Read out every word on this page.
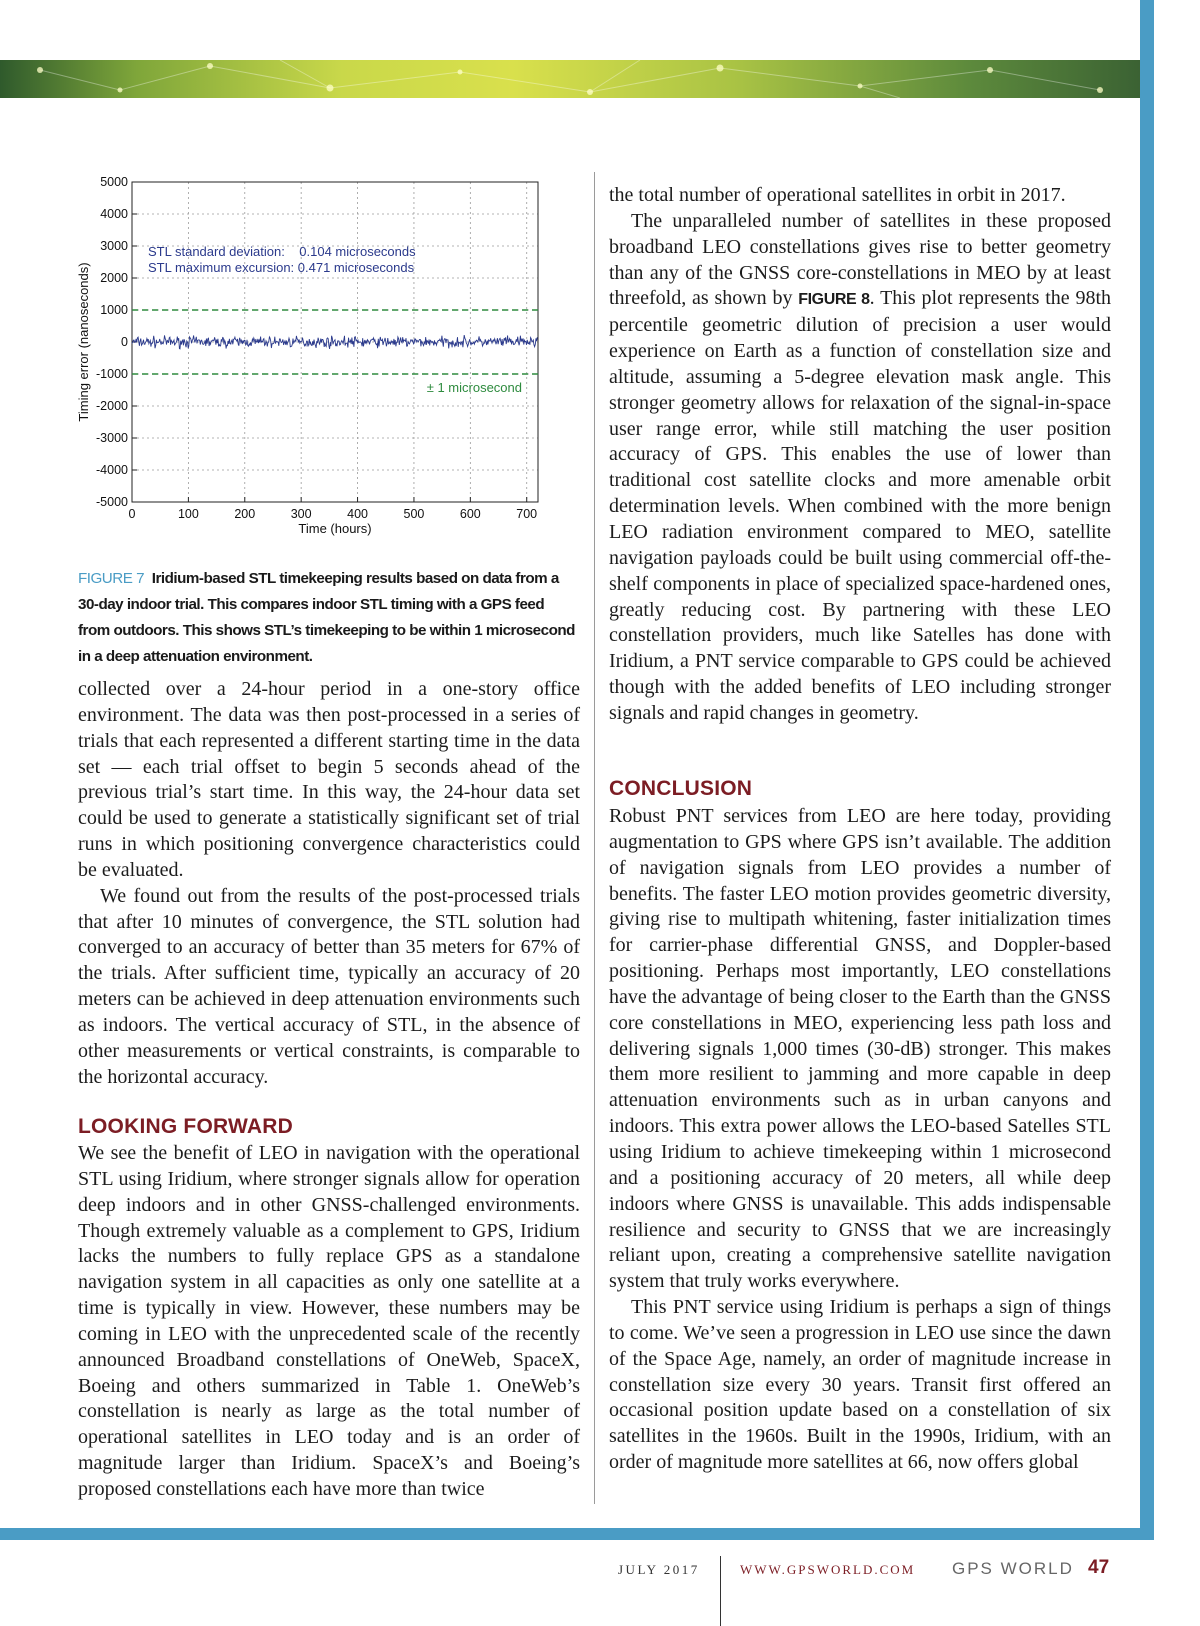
5000
4000
3000
2000
1000
0
-1000
-2000
-3000
-4000
-5000
0	100	200	300	400	500	600	700
Time (hours)
Timing error (nanoseconds)
STL standard deviation:    0.104 microseconds
STL maximum excursion: 0.471 microseconds
± 1 microsecond
FIGURE 7 Iridium-based STL timekeeping results based on data from a 30-day indoor trial. This compares indoor STL timing with a GPS feed from outdoors. This shows STL’s timekeeping to be within 1 microsecond in a deep attenuation environment.

collected over a 24-hour period in a one-story office environment. The data was then post-processed in a series of trials that each represented a different starting time in the data set — each trial offset to begin 5 seconds ahead of the previous trial’s start time. In this way, the 24-hour data set could be used to generate a statistically significant set of trial runs in which positioning convergence characteristics could be evaluated.

We found out from the results of the post-processed trials that after 10 minutes of convergence, the STL solution had converged to an accuracy of better than 35 meters for 67% of the trials. After sufficient time, typically an accuracy of 20 meters can be achieved in deep attenuation environments such as indoors. The vertical accuracy of STL, in the absence of other measurements or vertical constraints, is comparable to the horizontal accuracy.

LOOKING FORWARD

We see the benefit of LEO in navigation with the operational STL using Iridium, where stronger signals allow for operation deep indoors and in other GNSS-challenged environments. Though extremely valuable as a complement to GPS, Iridium lacks the numbers to fully replace GPS as a standalone navigation system in all capacities as only one satellite at a time is typically in view. However, these numbers may be coming in LEO with the unprecedented scale of the recently announced Broadband constellations of OneWeb, SpaceX, Boeing and others summarized in Table 1. OneWeb’s constellation is nearly as large as the total number of operational satellites in LEO today and is an order of magnitude larger than Iridium. SpaceX’s and Boeing’s proposed constellations each have more than twice

the total number of operational satellites in orbit in 2017.

The unparalleled number of satellites in these proposed broadband LEO constellations gives rise to better geometry than any of the GNSS core-constellations in MEO by at least threefold, as shown by FIGURE 8. This plot represents the 98th percentile geometric dilution of precision a user would experience on Earth as a function of constellation size and altitude, assuming a 5-degree elevation mask angle. This stronger geometry allows for relaxation of the signal-in-space user range error, while still matching the user position accuracy of GPS. This enables the use of lower than traditional cost satellite clocks and more amenable orbit determination levels. When combined with the more benign LEO radiation environment compared to MEO, satellite navigation payloads could be built using commercial off-the-shelf components in place of specialized space-hardened ones, greatly reducing cost. By partnering with these LEO constellation providers, much like Satelles has done with Iridium, a PNT service comparable to GPS could be achieved though with the added benefits of LEO including stronger signals and rapid changes in geometry.

CONCLUSION

Robust PNT services from LEO are here today, providing augmentation to GPS where GPS isn’t available. The addition of navigation signals from LEO provides a number of benefits. The faster LEO motion provides geometric diversity, giving rise to multipath whitening, faster initialization times for carrier-phase differential GNSS, and Doppler-based positioning. Perhaps most importantly, LEO constellations have the advantage of being closer to the Earth than the GNSS core constellations in MEO, experiencing less path loss and delivering signals 1,000 times (30-dB) stronger. This makes them more resilient to jamming and more capable in deep attenuation environments such as in urban canyons and indoors. This extra power allows the LEO-based Satelles STL using Iridium to achieve timekeeping within 1 microsecond and a positioning accuracy of 20 meters, all while deep indoors where GNSS is unavailable. This adds indispensable resilience and security to GNSS that we are increasingly reliant upon, creating a comprehensive satellite navigation system that truly works everywhere.

This PNT service using Iridium is perhaps a sign of things to come. We’ve seen a progression in LEO use since the dawn of the Space Age, namely, an order of magnitude increase in constellation size every 30 years. Transit first offered an occasional position update based on a constellation of six satellites in the 1960s. Built in the 1990s, Iridium, with an order of magnitude more satellites at 66, now offers global

JULY 2017	WWW.GPSWORLD.COM GPS WORLD 47
